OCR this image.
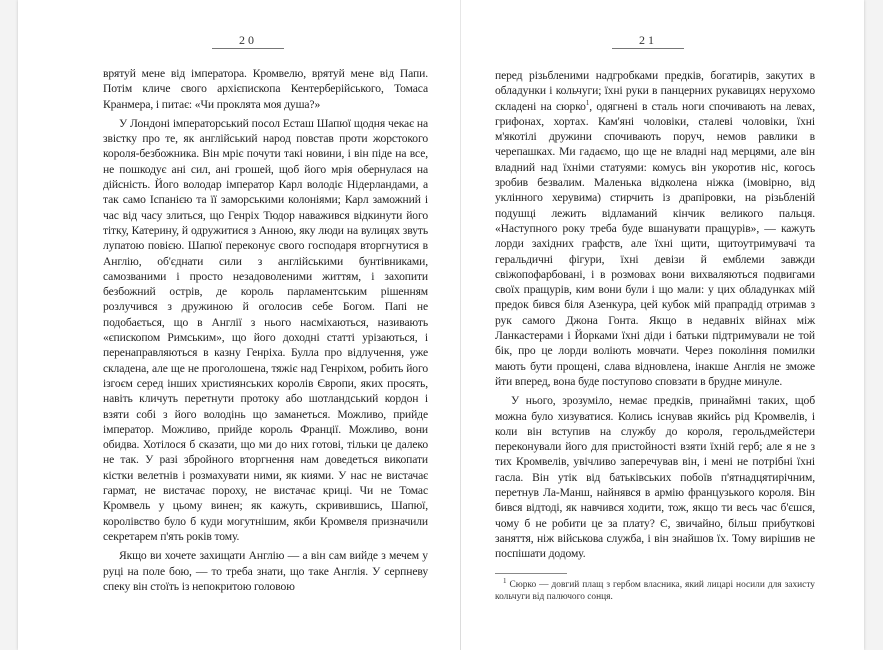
20

врятуй мене від імператора. Кромвелю, врятуй мене від Папи. Потім кличе свого архієпископа Кентерберійського, Томаса Кранмера, і питає: «Чи проклята моя душа?»

У Лондоні імператорський посол Есташ Шапюї щодня чекає на звістку про те, як англійський народ повстав проти жорстокого короля-безбожника. Він мріє почути такі новини, і він піде на все, не пошкодує ані сил, ані грошей, щоб його мрія обернулася на дійсність. Його володар імператор Карл володіє Нідерландами, а так само Іспанією та її заморськими колоніями; Карл заможний і час від часу злиться, що Генріх Тюдор наважився відкинути його тітку, Катерину, й одружитися з Анною, яку люди на вулицях звуть лупатою повією. Шапюї переконує свого господаря вторгнутися в Англію, об'єднати сили з англійськими бунтівниками, самозваними і просто незадоволеними життям, і захопити безбожний острів, де король парламентським рішенням розлучився з дружиною й оголосив себе Богом. Папі не подобається, що в Англії з нього насміхаються, називають «єпископом Римським», що його доходні статті урізаються, і перенаправляються в казну Генріха. Булла про відлучення, уже складена, але ще не проголошена, тяжіє над Генріхом, робить його ізгоєм серед інших християнських королів Європи, яких просять, навіть кличуть перетнути протоку або шотландський кордон і взяти собі з його володінь що заманеться. Можливо, прийде імператор. Можливо, прийде король Франції. Можливо, вони обидва. Хотілося б сказати, що ми до них готові, тільки це далеко не так. У разі збройного вторгнення нам доведеться викопати кістки велетнів і розмахувати ними, як киями. У нас не вистачає гармат, не вистачає пороху, не вистачає криці. Чи не Томас Кромвель у цьому винен; як кажуть, скривившись, Шапюї, королівство було б куди могутнішим, якби Кромвеля призначили секретарем п'ять років тому.

Якщо ви хочете захищати Англію — а він сам вийде з мечем у руці на поле бою, — то треба знати, що таке Англія. У серпневу спеку він стоїть із непокритою головою

21

перед різьбленими надгробками предків, богатирів, закутих в обладунки і кольчуги; їхні руки в панцерних рукавицях нерухомо складені на сюрко$^1$, одягнені в сталь ноги спочивають на левах, грифонах, хортах. Кам'яні чоловіки, сталеві чоловіки, їхні м'якотілі дружини спочивають поруч, немов равлики в черепашках. Ми гадаємо, що ще не владні над мерцями, але він владний над їхніми статуями: комусь він укоротив ніс, когось зробив безвалим. Маленька відколена ніжка (імовірно, від уклінного херувима) стирчить із драпіровки, на різьбленій подушці лежить відламаний кінчик великого пальця. «Наступного року треба буде вшанувати пращурів», — кажуть лорди західних графств, але їхні щити, щитоутримувачі та геральдичні фігури, їхні девізи й емблеми завжди свіжопофарбовані, і в розмовах вони вихваляються подвигами своїх пращурів, ким вони були і що мали: у цих обладунках мій предок бився біля Азенкура, цей кубок мій прапрадід отримав з рук самого Джона Гонта. Якщо в недавніх війнах між Ланкастерами і Йорками їхні діди і батьки підтримували не той бік, про це лорди воліють мовчати. Через покоління помилки мають бути прощені, слава відновлена, інакше Англія не зможе йти вперед, вона буде поступово сповзати в брудне минуле.

У нього, зрозуміло, немає предків, принаймні таких, щоб можна було хизуватися. Колись існував якийсь рід Кромвелів, і коли він вступив на службу до короля, герольдмейстери переконували його для пристойності взяти їхній герб; але я не з тих Кромвелів, увічливо заперечував він, і мені не потрібні їхні гасла. Він утік від батьківських побоїв п'ятнадцятирічним, перетнув Ла-Манш, найнявся в армію французького короля. Він бився відтоді, як навчився ходити, тож, якщо ти весь час б'єшся, чому б не робити це за плату? Є, звичайно, більш прибуткові заняття, ніж військова служба, і він знайшов їх. Тому вирішив не поспішати додому.

$^1$ Сюрко — довгий плащ з гербом власника, який лицарі носили для захисту кольчуги від палючого сонця.
